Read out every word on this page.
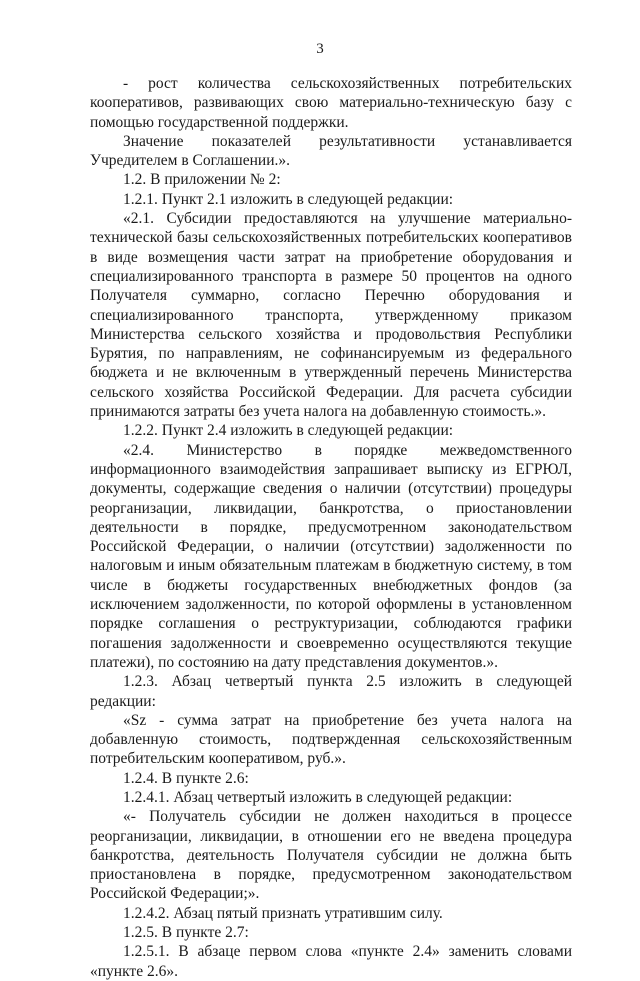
3

- рост количества сельскохозяйственных потребительских кооперативов, развивающих свою материально-техническую базу с помощью государственной поддержки.

Значение показателей результативности устанавливается Учредителем в Соглашении.».

1.2. В приложении № 2:

1.2.1. Пункт 2.1 изложить в следующей редакции:

«2.1. Субсидии предоставляются на улучшение материально-технической базы сельскохозяйственных потребительских кооперативов в виде возмещения части затрат на приобретение оборудования и специализированного транспорта в размере 50 процентов на одного Получателя суммарно, согласно Перечню оборудования и специализированного транспорта, утвержденному приказом Министерства сельского хозяйства и продовольствия Республики Бурятия, по направлениям, не софинансируемым из федерального бюджета и не включенным в утвержденный перечень Министерства сельского хозяйства Российской Федерации. Для расчета субсидии принимаются затраты без учета налога на добавленную стоимость.».

1.2.2. Пункт 2.4 изложить в следующей редакции:

«2.4. Министерство в порядке межведомственного информационного взаимодействия запрашивает выписку из ЕГРЮЛ, документы, содержащие сведения о наличии (отсутствии) процедуры реорганизации, ликвидации, банкротства, о приостановлении деятельности в порядке, предусмотренном законодательством Российской Федерации, о наличии (отсутствии) задолженности по налоговым и иным обязательным платежам в бюджетную систему, в том числе в бюджеты государственных внебюджетных фондов (за исключением задолженности, по которой оформлены в установленном порядке соглашения о реструктуризации, соблюдаются графики погашения задолженности и своевременно осуществляются текущие платежи), по состоянию на дату представления документов.».

1.2.3. Абзац четвертый пункта 2.5 изложить в следующей редакции:

«Sz - сумма затрат на приобретение без учета налога на добавленную стоимость, подтвержденная сельскохозяйственным потребительским кооперативом, руб.».

1.2.4. В пункте 2.6:

1.2.4.1. Абзац четвертый изложить в следующей редакции:

«- Получатель субсидии не должен находиться в процессе реорганизации, ликвидации, в отношении его не введена процедура банкротства, деятельность Получателя субсидии не должна быть приостановлена в порядке, предусмотренном законодательством Российской Федерации;».

1.2.4.2. Абзац пятый признать утратившим силу.

1.2.5. В пункте 2.7:

1.2.5.1. В абзаце первом слова «пункте 2.4» заменить словами «пункте 2.6».
